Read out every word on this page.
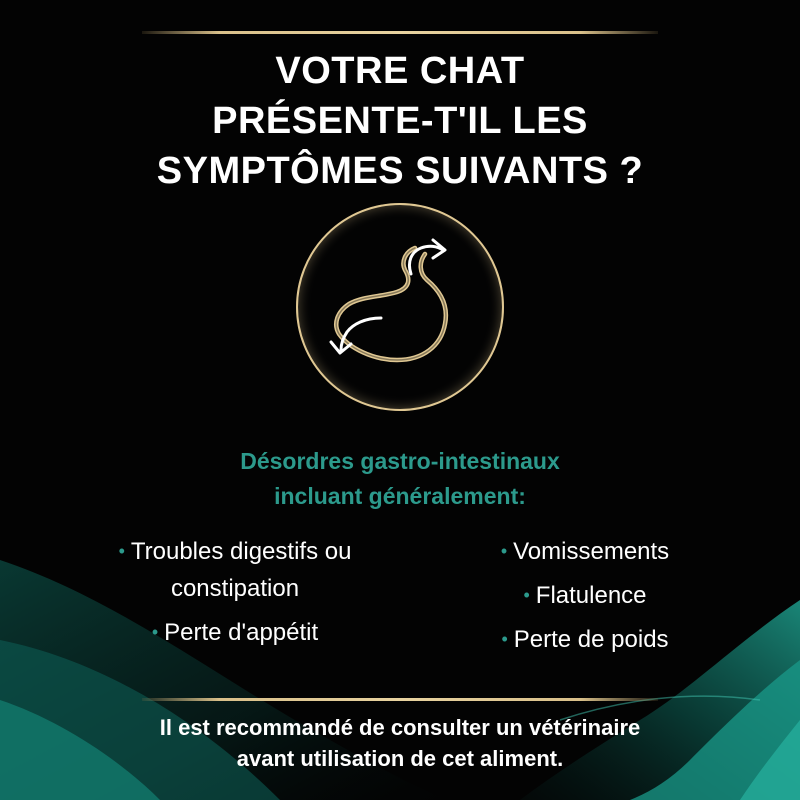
VOTRE CHAT
PRÉSENTE-T'IL LES
SYMPTÔMES SUIVANTS ?
Désordres gastro-intestinaux
incluant généralement:
• Troubles digestifs ou
constipation
• Perte d'appétit
• Vomissements
• Flatulence
• Perte de poids

Il est recommandé de consulter un vétérinaire
avant utilisation de cet aliment.
